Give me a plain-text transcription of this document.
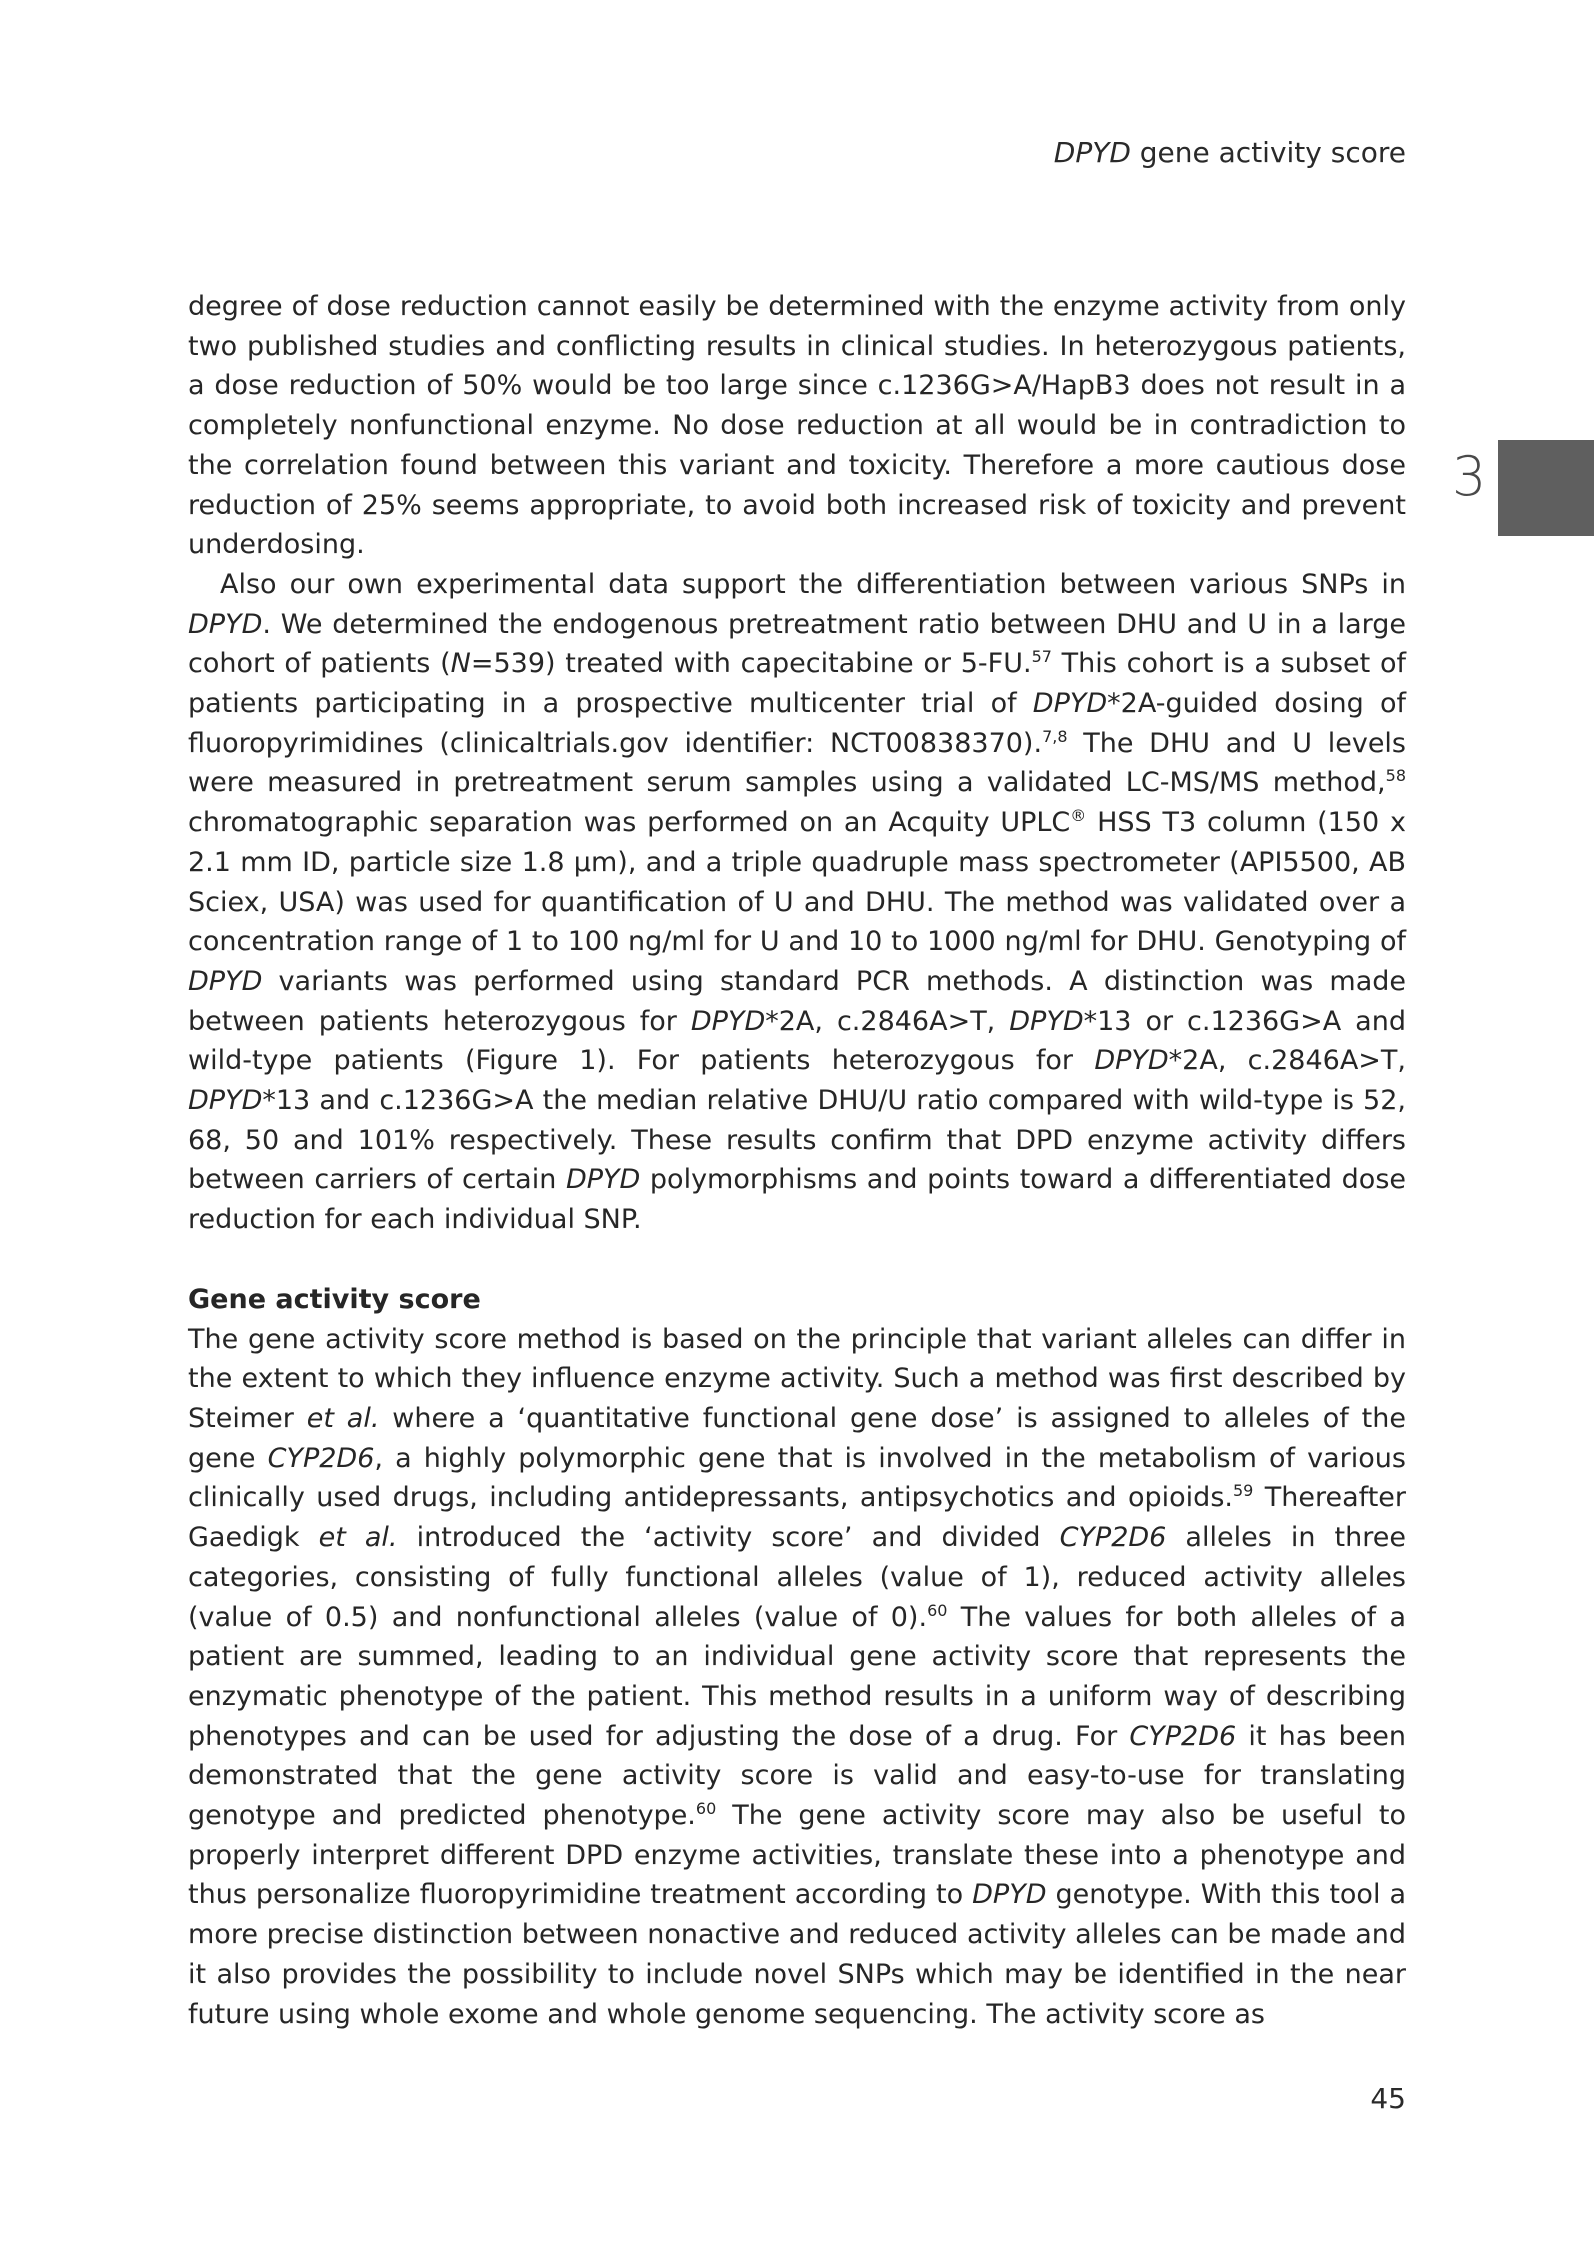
DPYD gene activity score
3

degree of dose reduction cannot easily be determined with the enzyme activity from only two published studies and conflicting results in clinical studies. In heterozygous patients, a dose reduction of 50% would be too large since c.1236G>A/HapB3 does not result in a completely nonfunctional enzyme. No dose reduction at all would be in contradiction to the correlation found between this variant and toxicity. Therefore a more cautious dose reduction of 25% seems appropriate, to avoid both increased risk of toxicity and prevent underdosing.

Also our own experimental data support the differentiation between various SNPs in DPYD. We determined the endogenous pretreatment ratio between DHU and U in a large cohort of patients (N=539) treated with capecitabine or 5-FU.$^{57}$ This cohort is a subset of patients participating in a prospective multicenter trial of DPYD*2A-guided dosing of fluoropyrimidines (clinicaltrials.gov identifier: NCT00838370).$^{7,8}$ The DHU and U levels were measured in pretreatment serum samples using a validated LC-MS/MS method,$^{58}$ chromatographic separation was performed on an Acquity UPLC® HSS T3 column (150 x 2.1 mm ID, particle size 1.8 µm), and a triple quadruple mass spectrometer (API5500, AB Sciex, USA) was used for quantification of U and DHU. The method was validated over a concentration range of 1 to 100 ng/ml for U and 10 to 1000 ng/ml for DHU. Genotyping of DPYD variants was performed using standard PCR methods. A distinction was made between patients heterozygous for DPYD*2A, c.2846A>T, DPYD*13 or c.1236G>A and wild-type patients (Figure 1). For patients heterozygous for DPYD*2A, c.2846A>T, DPYD*13 and c.1236G>A the median relative DHU/U ratio compared with wild-type is 52, 68, 50 and 101% respectively. These results confirm that DPD enzyme activity differs between carriers of certain DPYD polymorphisms and points toward a differentiated dose reduction for each individual SNP.

Gene activity score

The gene activity score method is based on the principle that variant alleles can differ in the extent to which they influence enzyme activity. Such a method was first described by Steimer et al. where a ‘quantitative functional gene dose’ is assigned to alleles of the gene CYP2D6, a highly polymorphic gene that is involved in the metabolism of various clinically used drugs, including antidepressants, antipsychotics and opioids.$^{59}$ Thereafter Gaedigk et al. introduced the ‘activity score’ and divided CYP2D6 alleles in three categories, consisting of fully functional alleles (value of 1), reduced activity alleles (value of 0.5) and nonfunctional alleles (value of 0).$^{60}$ The values for both alleles of a patient are summed, leading to an individual gene activity score that represents the enzymatic phenotype of the patient. This method results in a uniform way of describing phenotypes and can be used for adjusting the dose of a drug. For CYP2D6 it has been demonstrated that the gene activity score is valid and easy-to-use for translating genotype and predicted phenotype.$^{60}$ The gene activity score may also be useful to properly interpret different DPD enzyme activities, translate these into a phenotype and thus personalize fluoropyrimidine treatment according to DPYD genotype. With this tool a more precise distinction between nonactive and reduced activity alleles can be made and it also provides the possibility to include novel SNPs which may be identified in the near future using whole exome and whole genome sequencing. The activity score as

45
